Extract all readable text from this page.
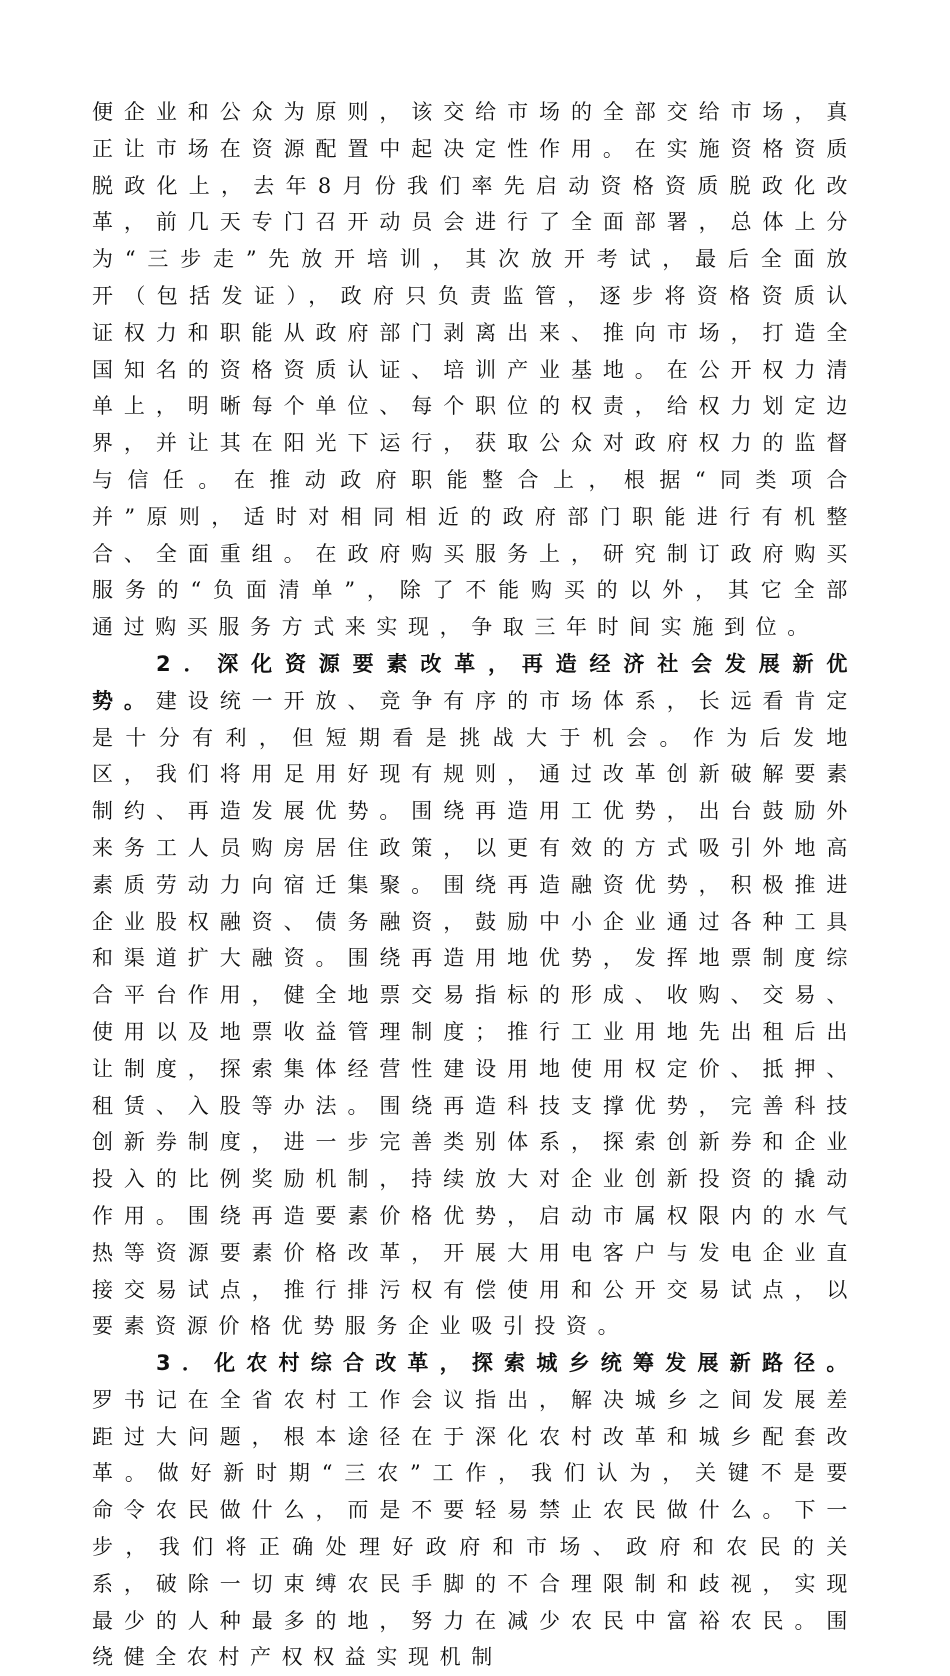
便企业和公众为原则，该交给市场的全部交给市场，真正让市场在资源配置中起决定性作用。在实施资格资质脱政化上，去年8月份我们率先启动资格资质脱政化改革，前几天专门召开动员会进行了全面部署，总体上分为“三步走”先放开培训，其次放开考试，最后全面放开（包括发证），政府只负责监管，逐步将资格资质认证权力和职能从政府部门剥离出来、推向市场，打造全国知名的资格资质认证、培训产业基地。在公开权力清单上，明晰每个单位、每个职位的权责，给权力划定边界，并让其在阳光下运行，获取公众对政府权力的监督与信任。在推动政府职能整合上，根据“同类项合并”原则，适时对相同相近的政府部门职能进行有机整合、全面重组。在政府购买服务上，研究制订政府购买服务的“负面清单”，除了不能购买的以外，其它全部通过购买服务方式来实现，争取三年时间实施到位。

2．深化资源要素改革，再造经济社会发展新优势。建设统一开放、竞争有序的市场体系，长远看肯定是十分有利，但短期看是挑战大于机会。作为后发地区，我们将用足用好现有规则，通过改革创新破解要素制约、再造发展优势。围绕再造用工优势，出台鼓励外来务工人员购房居住政策，以更有效的方式吸引外地高素质劳动力向宿迁集聚。围绕再造融资优势，积极推进企业股权融资、债务融资，鼓励中小企业通过各种工具和渠道扩大融资。围绕再造用地优势，发挥地票制度综合平台作用，健全地票交易指标的形成、收购、交易、使用以及地票收益管理制度；推行工业用地先出租后出让制度，探索集体经营性建设用地使用权定价、抵押、租赁、入股等办法。围绕再造科技支撑优势，完善科技创新券制度，进一步完善类别体系，探索创新券和企业投入的比例奖励机制，持续放大对企业创新投资的撬动作用。围绕再造要素价格优势，启动市属权限内的水气热等资源要素价格改革，开展大用电客户与发电企业直接交易试点，推行排污权有偿使用和公开交易试点，以要素资源价格优势服务企业吸引投资。

3．化农村综合改革，探索城乡统筹发展新路径。罗书记在全省农村工作会议指出，解决城乡之间发展差距过大问题，根本途径在于深化农村改革和城乡配套改革。做好新时期“三农”工作，我们认为，关键不是要命令农民做什么，而是不要轻易禁止农民做什么。下一步，我们将正确处理好政府和市场、政府和农民的关系，破除一切束缚农民手脚的不合理限制和歧视，实现最少的人种最多的地，努力在减少农民中富裕农民。围绕健全农村产权权益实现机制
